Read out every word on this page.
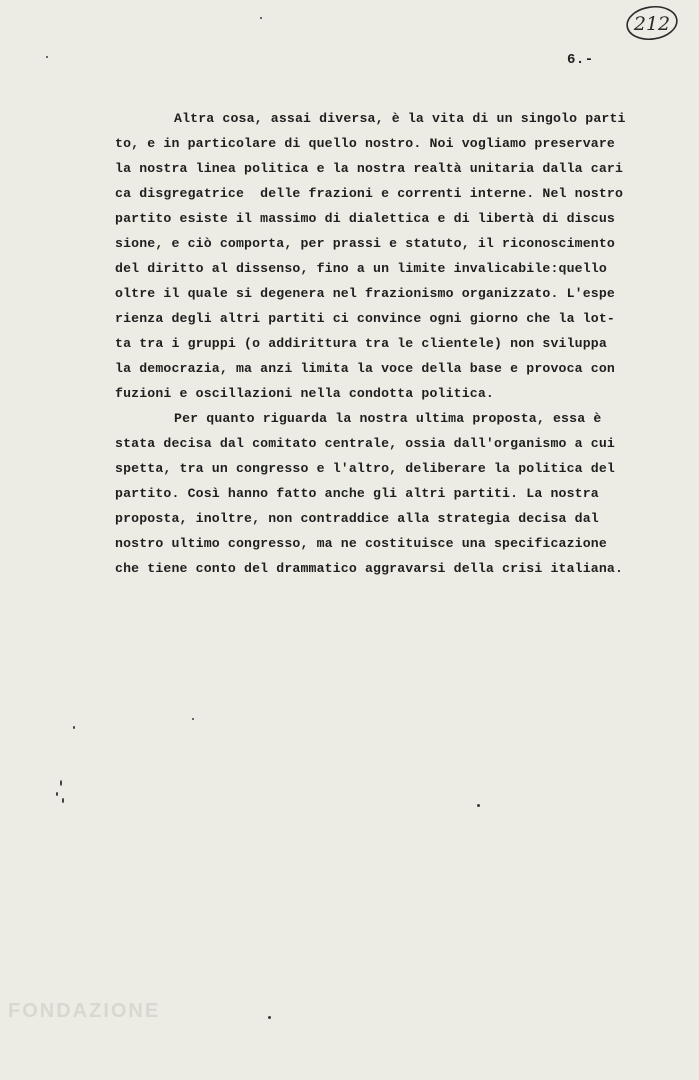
212
6.-
Altra cosa, assai diversa, è la vita di un singolo parti
to, e in particolare di quello nostro. Noi vogliamo preservare
la nostra linea politica e la nostra realtà unitaria dalla cari
ca disgregatrice  delle frazioni e correnti interne. Nel nostro
partito esiste il massimo di dialettica e di libertà di discus
sione, e ciò comporta, per prassi e statuto, il riconoscimento
del diritto al dissenso, fino a un limite invalicabile:quello
oltre il quale si degenera nel frazionismo organizzato. L'espe
rienza degli altri partiti ci convince ogni giorno che la lot-
ta tra i gruppi (o addirittura tra le clientele) non sviluppa
la democrazia, ma anzi limita la voce della base e provoca con
fuzioni e oscillazioni nella condotta politica.
Per quanto riguarda la nostra ultima proposta, essa è
stata decisa dal comitato centrale, ossia dall'organismo a cui
spetta, tra un congresso e l'altro, deliberare la politica del
partito. Così hanno fatto anche gli altri partiti. La nostra
proposta, inoltre, non contraddice alla strategia decisa dal
nostro ultimo congresso, ma ne costituisce una specificazione
che tiene conto del drammatico aggravarsi della crisi italiana.
FONDAZIONE
